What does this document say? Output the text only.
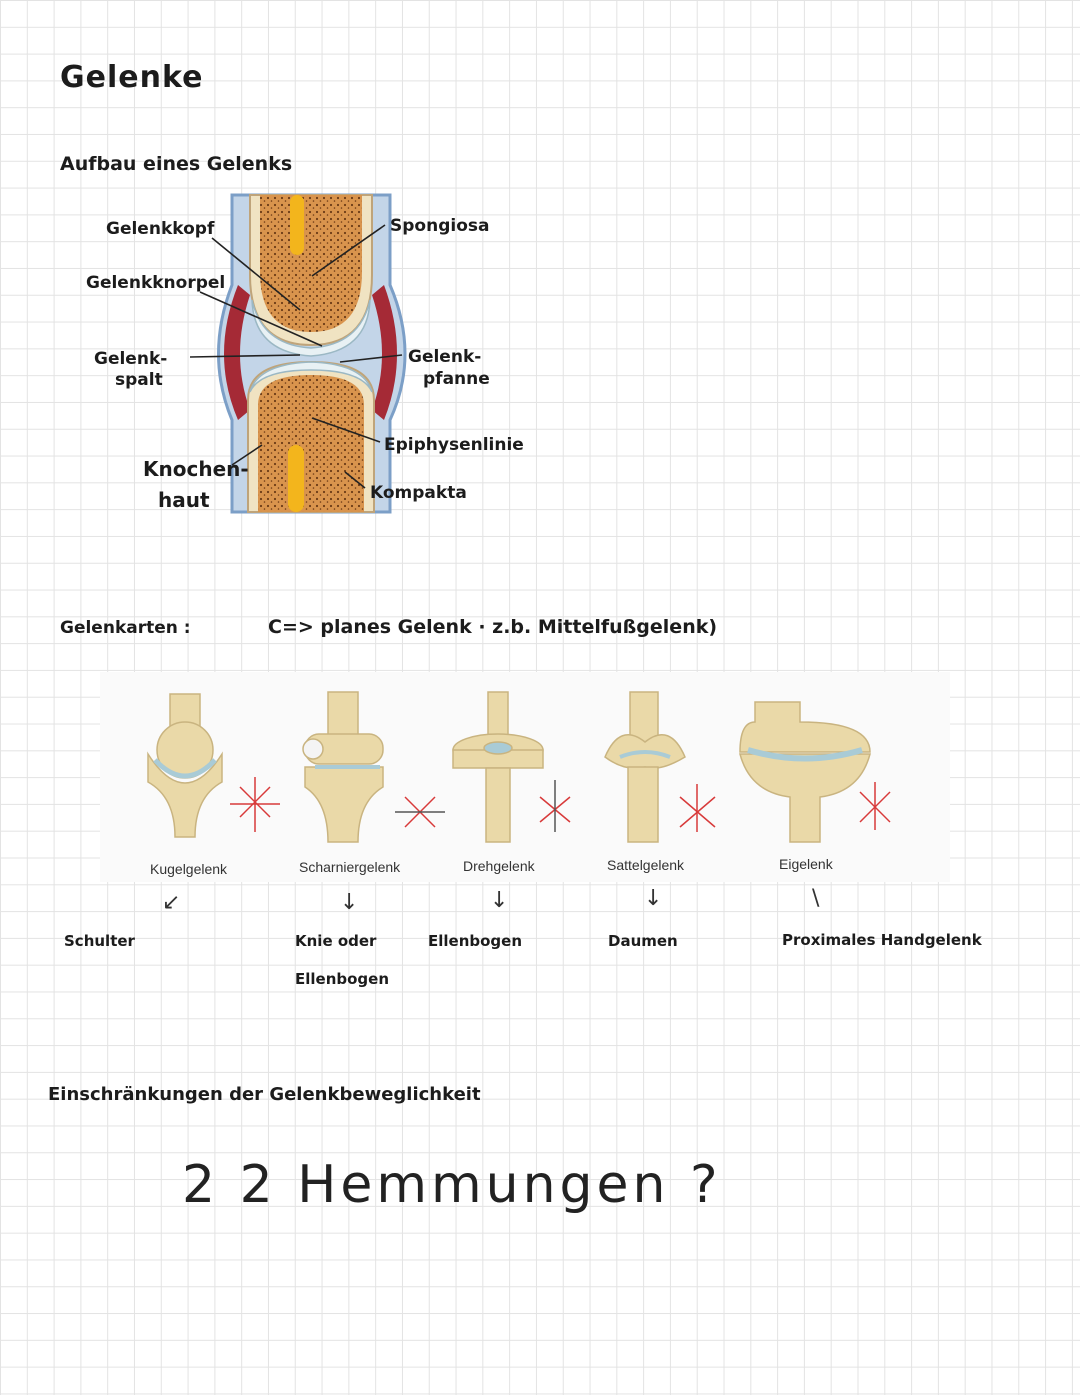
Gelenke
Aufbau eines Gelenks
Gelenkkopf
Gelenkknorpel
Gelenk-
spalt
Spongiosa
Gelenk-
pfanne
Epiphysenlinie
Kompakta
Knochen-
haut
Gelenkarten :	C=> planes Gelenk · z.b. Mittelfußgelenk)
Kugelgelenk	Scharniergelenk	Drehgelenk	Sattelgelenk	Eigelenk
↙	↓	↓	↓	\
Schulter	Knie oder
Ellenbogen
Ellenbogen	Daumen	Proximales Handgelenk
Einschränkungen der Gelenkbeweglichkeit
2 2 Hemmungen ?
